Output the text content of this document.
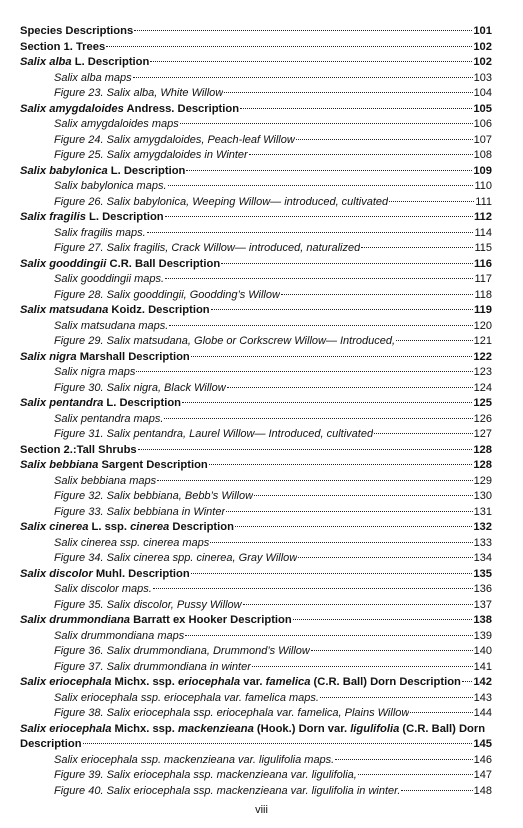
Species Descriptions	101
Section 1. Trees	102
Salix alba L. Description	102
Salix alba maps	103
Figure 23. Salix alba, White Willow	104
Salix amygdaloides Andress. Description	105
Salix amygdaloides maps	106
Figure 24. Salix amygdaloides, Peach-leaf Willow	107
Figure 25. Salix amygdaloides in Winter	108
Salix babylonica L. Description	109
Salix babylonica maps.	110
Figure 26. Salix babylonica, Weeping Willow— introduced, cultivated	111
Salix fragilis L. Description	112
Salix fragilis maps.	114
Figure 27. Salix fragilis, Crack Willow— introduced, naturalized	115
Salix gooddingii C.R. Ball Description	116
Salix gooddingii maps.	117
Figure 28. Salix gooddingii, Goodding’s Willow	118
Salix matsudana Koidz. Description	119
Salix matsudana maps.	120
Figure 29. Salix matsudana, Globe or Corkscrew Willow— Introduced,	121
Salix nigra Marshall Description	122
Salix nigra maps	123
Figure 30. Salix nigra, Black Willow	124
Salix pentandra L. Description	125
Salix pentandra maps.	126
Figure 31. Salix pentandra, Laurel Willow— Introduced, cultivated	127
Section 2.:Tall Shrubs	128
Salix bebbiana Sargent Description	128
Salix bebbiana maps	129
Figure 32. Salix bebbiana, Bebb’s Willow	130
Figure 33. Salix bebbiana in Winter	131
Salix cinerea L. ssp. cinerea Description	132
Salix cinerea ssp. cinerea maps	133
Figure 34. Salix cinerea spp. cinerea, Gray Willow	134
Salix discolor Muhl. Description	135
Salix discolor maps.	136
Figure 35. Salix discolor, Pussy Willow	137
Salix drummondiana Barratt ex Hooker Description	138
Salix drummondiana maps	139
Figure 36. Salix drummondiana, Drummond’s Willow	140
Figure 37. Salix drummondiana in winter	141
Salix eriocephala Michx. ssp. eriocephala var. famelica (C.R. Ball) Dorn Description 142
Salix eriocephala ssp. eriocephala var. famelica maps.	143
Figure 38. Salix eriocephala ssp. eriocephala var. famelica, Plains Willow	144
Salix eriocephala Michx. ssp. mackenzieana (Hook.) Dorn var. ligulifolia (C.R. Ball) Dorn
Description	145
Salix eriocephala ssp. mackenzieana var. ligulifolia maps.	146
Figure 39. Salix eriocephala ssp. mackenzieana var. ligulifolia,	147
Figure 40. Salix eriocephala ssp. mackenzieana var. ligulifolia in winter.	148
viii
